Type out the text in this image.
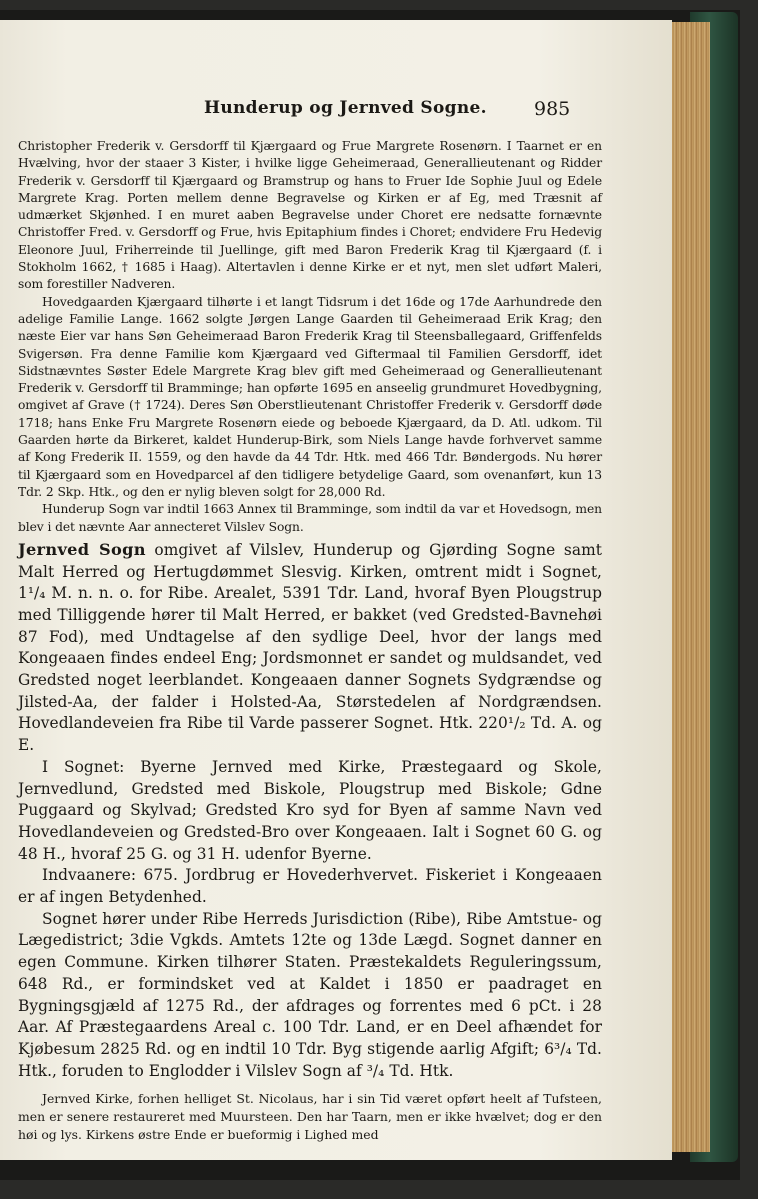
Hunderup og Jernved Sogne. 985

Christopher Frederik v. Gersdorff til Kjærgaard og Frue Margrete Rosenørn. I Taarnet er en Hvælving, hvor der staaer 3 Kister, i hvilke ligge Geheimeraad, Generallieutenant og Ridder Frederik v. Gersdorff til Kjærgaard og Bramstrup og hans to Fruer Ide Sophie Juul og Edele Margrete Krag. Porten mellem denne Begravelse og Kirken er af Eg, med Træsnit af udmærket Skjønhed. I en muret aaben Begravelse under Choret ere nedsatte fornævnte Christoffer Fred. v. Gersdorff og Frue, hvis Epitaphium findes i Choret; endvidere Fru Hedevig Eleonore Juul, Friherreinde til Juellinge, gift med Baron Frederik Krag til Kjærgaard (f. i Stokholm 1662, † 1685 i Haag). Altertavlen i denne Kirke er et nyt, men slet udført Maleri, som forestiller Nadveren.

Hovedgaarden Kjærgaard tilhørte i et langt Tidsrum i det 16de og 17de Aarhundrede den adelige Familie Lange. 1662 solgte Jørgen Lange Gaarden til Geheimeraad Erik Krag; den næste Eier var hans Søn Geheimeraad Baron Frederik Krag til Steensballegaard, Griffenfelds Svigersøn. Fra denne Familie kom Kjærgaard ved Giftermaal til Familien Gersdorff, idet Sidstnævntes Søster Edele Margrete Krag blev gift med Geheimeraad og Generallieutenant Frederik v. Gersdorff til Bramminge; han opførte 1695 en anseelig grundmuret Hovedbygning, omgivet af Grave († 1724). Deres Søn Oberstlieutenant Christoffer Frederik v. Gersdorff døde 1718; hans Enke Fru Margrete Rosenørn eiede og beboede Kjærgaard, da D. Atl. udkom. Til Gaarden hørte da Birkeret, kaldet Hunderup-Birk, som Niels Lange havde forhvervet samme af Kong Frederik II. 1559, og den havde da 44 Tdr. Htk. med 466 Tdr. Bøndergods. Nu hører til Kjærgaard som en Hovedparcel af den tidligere betydelige Gaard, som ovenanført, kun 13 Tdr. 2 Skp. Htk., og den er nylig bleven solgt for 28,000 Rd.

Hunderup Sogn var indtil 1663 Annex til Bramminge, som indtil da var et Hovedsogn, men blev i det nævnte Aar annecteret Vilslev Sogn.

Jernved Sogn omgivet af Vilslev, Hunderup og Gjørding Sogne samt Malt Herred og Hertugdømmet Slesvig. Kirken, omtrent midt i Sognet, 1¹/₄ M. n. n. o. for Ribe. Arealet, 5391 Tdr. Land, hvoraf Byen Plougstrup med Tilliggende hører til Malt Herred, er bakket (ved Gredsted-Bavnehøi 87 Fod), med Undtagelse af den sydlige Deel, hvor der langs med Kongeaaen findes endeel Eng; Jordsmonnet er sandet og muldsandet, ved Gredsted noget leerblandet. Kongeaaen danner Sognets Sydgrændse og Jilsted-Aa, der falder i Holsted-Aa, Størstedelen af Nordgrændsen. Hovedlandeveien fra Ribe til Varde passerer Sognet. Htk. 220¹/₂ Td. A. og E.

I Sognet: Byerne Jernved med Kirke, Præstegaard og Skole, Jernvedlund, Gredsted med Biskole, Plougstrup med Biskole; Gdne Puggaard og Skylvad; Gredsted Kro syd for Byen af samme Navn ved Hovedlandeveien og Gredsted-Bro over Kongeaaen. Ialt i Sognet 60 G. og 48 H., hvoraf 25 G. og 31 H. udenfor Byerne.

Indvaanere: 675. Jordbrug er Hovederhvervet. Fiskeriet i Kongeaaen er af ingen Betydenhed.

Sognet hører under Ribe Herreds Jurisdiction (Ribe), Ribe Amtstue- og Lægedistrict; 3die Vgkds. Amtets 12te og 13de Lægd. Sognet danner en egen Commune. Kirken tilhører Staten. Præstekaldets Reguleringssum, 648 Rd., er formindsket ved at Kaldet i 1850 er paadraget en Bygningsgjæld af 1275 Rd., der afdrages og forrentes med 6 pCt. i 28 Aar. Af Præstegaardens Areal c. 100 Tdr. Land, er en Deel afhændet for Kjøbesum 2825 Rd. og en indtil 10 Tdr. Byg stigende aarlig Afgift; 6³/₄ Td. Htk., foruden to Englodder i Vilslev Sogn af ³/₄ Td. Htk.

Jernved Kirke, forhen helliget St. Nicolaus, har i sin Tid været opført heelt af Tufsteen, men er senere restaureret med Muursteen. Den har Taarn, men er ikke hvælvet; dog er den høi og lys. Kirkens østre Ende er bueformig i Lighed med
